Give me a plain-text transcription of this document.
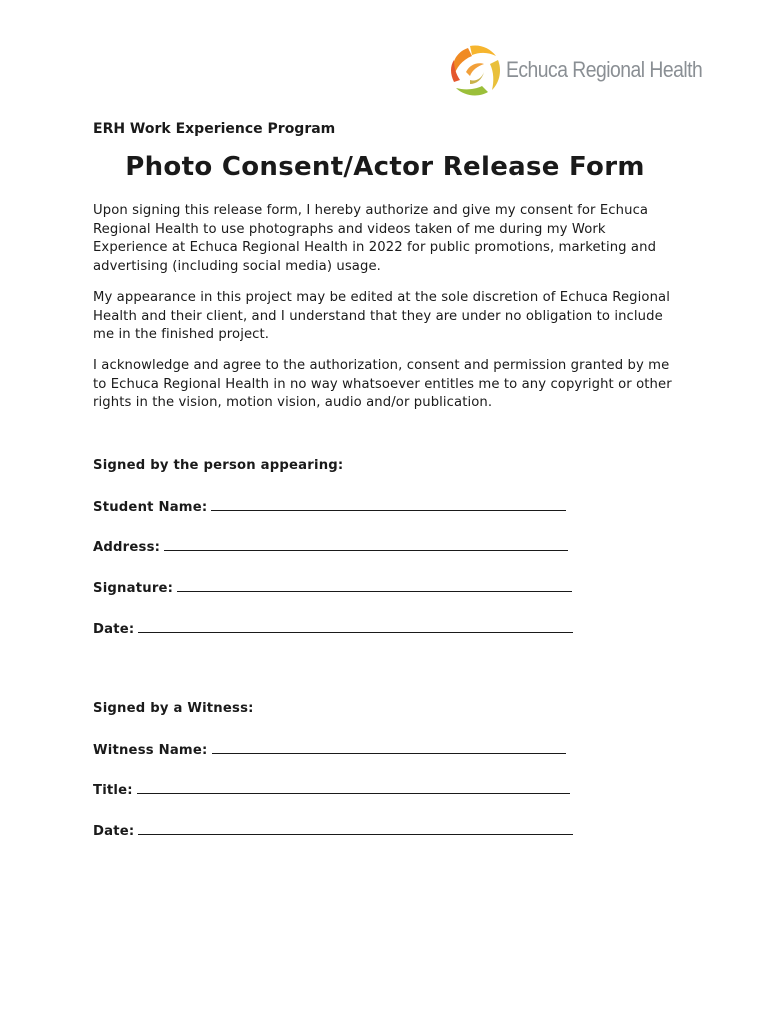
Echuca Regional Health

ERH Work Experience Program

Photo Consent/Actor Release Form

Upon signing this release form, I hereby authorize and give my consent for Echuca Regional Health to use photographs and videos taken of me during my Work Experience at Echuca Regional Health in 2022 for public promotions, marketing and advertising (including social media) usage.

My appearance in this project may be edited at the sole discretion of Echuca Regional Health and their client, and I understand that they are under no obligation to include me in the finished project.

I acknowledge and agree to the authorization, consent and permission granted by me to Echuca Regional Health in no way whatsoever entitles me to any copyright or other rights in the vision, motion vision, audio and/or publication.

Signed by the person appearing:

Student Name:
Address:
Signature:
Date:

Signed by a Witness:

Witness Name:
Title:
Date:
